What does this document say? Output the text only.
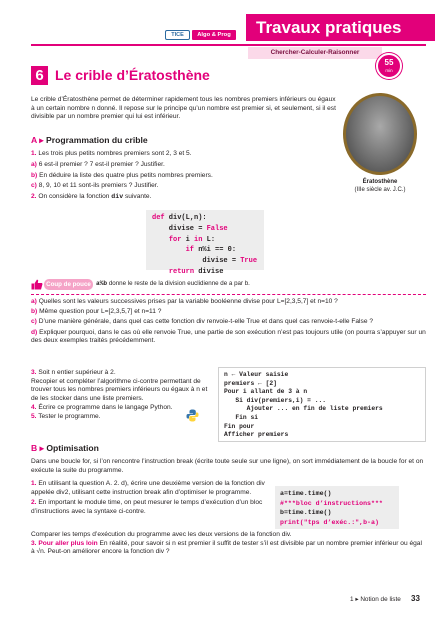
TICE	Algo & Prog	Travaux pratiques
Chercher-Calculer-Raisonner
55
min
6 Le crible d’Ératosthène
Le crible d’Ératosthène permet de déterminer rapidement tous les nombres premiers inférieurs ou égaux à un certain nombre n donné. Il repose sur le principe qu’un nombre est premier si, et seulement, si il est divisible par un nombre premier qui lui est inférieur.
Ératosthène
(IIIe siècle av. J.C.)
A ▸ Programmation du crible
1. Les trois plus petits nombres premiers sont 2, 3 et 5.
a) 6 est-il premier ? 7 est-il premier ? Justifier.
b) En déduire la liste des quatre plus petits nombres premiers.
c) 8, 9, 10 et 11 sont-ils premiers ? Justifier.
2. On considère la fonction div suivante.
def div(L,n):
divise = False
for i in L:
if n%i == 0:
divise = True
return divise
Coup de pouce a%b donne le reste de la division euclidienne de a par b.

a) Quelles sont les valeurs successives prises par la variable booléenne divise pour L=[2,3,5,7] et n=10 ?

b) Même question pour L=[2,3,5,7] et n=11 ?

c) D’une manière générale, dans quel cas cette fonction div renvoie-t-elle True et dans quel cas renvoie-t-elle False ?

d) Expliquer pourquoi, dans le cas où elle renvoie True, une partie de son exécution n’est pas toujours utile (on pourra s’appuyer sur un des deux exemples traités précédemment.

3. Soit n entier supérieur à 2.

Recopier et compléter l’algorithme ci-contre permettant de trouver tous les nombres premiers inférieurs ou égaux à n et de les stocker dans une liste premiers.

4. Écrire ce programme dans le langage Python.

5. Tester le programme.

n ← Valeur saisie
premiers ← [2]
Pour i allant de 3 à n
Si div(premiers,i) = ...
Ajouter ... en fin de liste premiers
Fin si
Fin pour
Afficher premiers
B ▸ Optimisation
Dans une boucle for, si l’on rencontre l’instruction break (écrite toute seule sur une ligne), on sort immédiatement de la boucle for et on exécute la suite du programme.

1. En utilisant la question A. 2. d), écrire une deuxième version de la fonction div appelée div2, utilisant cette instruction break afin d’optimiser le programme.

2. En important le module time, on peut mesurer le temps d’exécution d’un bloc d’instructions avec la syntaxe ci-contre.

a=time.time()
#***bloc d’instructions***
b=time.time()
print("tps d’exéc.:",b-a)

Comparer les temps d’exécution du programme avec les deux versions de la fonction div.

3. Pour aller plus loin En réalité, pour savoir si n est premier il suffit de tester s’il est divisible par un nombre premier inférieur ou égal à √n. Peut-on améliorer encore la fonction div ?

1 ▸ Notion de liste 33
